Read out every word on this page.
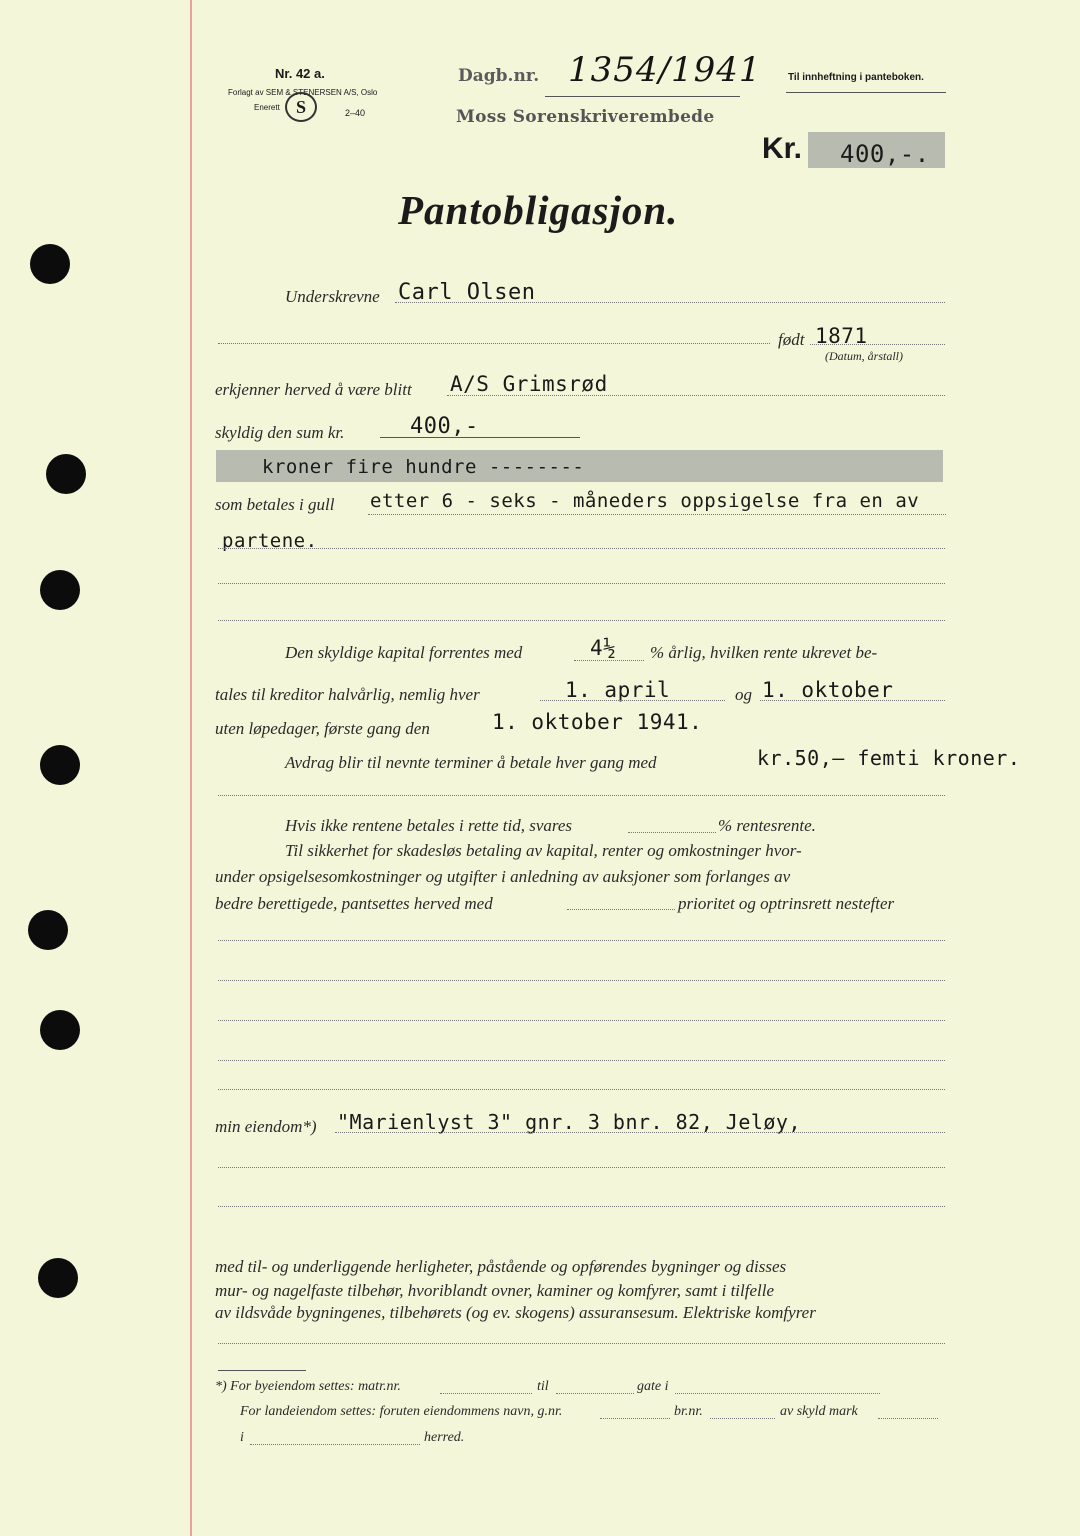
Nr. 42 a.
Forlagt av SEM & STENERSEN A/S, Oslo
Enerett S	2–40
Dagb.nr. 1354/1941
Moss Sorenskriverembede
Til innheftning i panteboken.
Kr. 400,-.
Pantobligasjon.
Underskrevne Carl Olsen
født 1871
(Datum, årstall)
erkjenner herved å være blitt A/S Grimsrød
skyldig den sum kr.	400,-
kroner fire hundre --------
som betales i gull etter 6 - seks - måneders oppsigelse fra en av
partene.
Den skyldige kapital forrentes med	4½ % årlig, hvilken rente ukrevet be-
tales til kreditor halvårlig, nemlig hver	1. april	og 1. oktober
uten løpedager, første gang den	1. oktober 1941.
Avdrag blir til nevnte terminer å betale hver gang med	kr.50,— femti kroner.
Hvis ikke rentene betales i rette tid, svares	% rentesrente.
Til sikkerhet for skadesløs betaling av kapital, renter og omkostninger hvor-
under opsigelsesomkostninger og utgifter i anledning av auksjoner som forlanges av
bedre berettigede, pantsettes herved med	prioritet og optrinsrett nestefter
min eiendom*) "Marienlyst 3" gnr. 3 bnr. 82, Jeløy,
med til- og underliggende herligheter, påstående og opførendes bygninger og disses
mur- og nagelfaste tilbehør, hvoriblandt ovner, kaminer og komfyrer, samt i tilfelle
av ildsvåde bygningenes, tilbehørets (og ev. skogens) assuransesum. Elektriske komfyrer
*) For byeiendom settes: matr.nr.	til	gate i
For landeiendom settes: foruten eiendommens navn, g.nr.	br.nr.	av skyld mark
i	herred.
